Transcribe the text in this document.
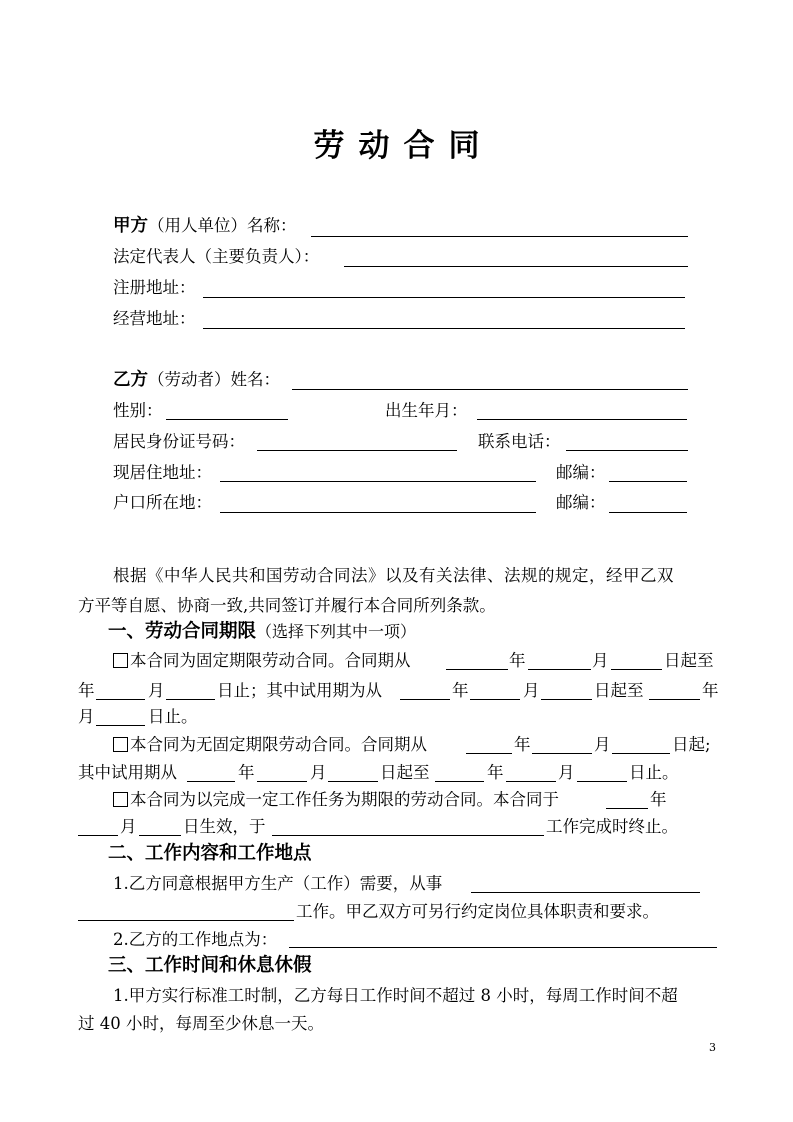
劳动合同
甲方（用人单位）名称：
法定代表人（主要负责人）：
注册地址：
经营地址：
乙方（劳动者）姓名：
性别：	出生年月：
居民身份证号码：	联系电话：
现居住地址：	邮编：
户口所在地：	邮编：
根据《中华人民共和国劳动合同法》以及有关法律、法规的规定，经甲乙双
方平等自愿、协商一致,共同签订并履行本合同所列条款。
一、劳动合同期限（选择下列其中一项）
本合同为固定期限劳动合同。合同期从	年	月	日起至
年	月	日止；其中试用期为从	年	月	日起至	年
月	日止。
本合同为无固定期限劳动合同。合同期从	年	月	日起;
其中试用期从	年	月	日起至	年	月	日止。
本合同为以完成一定工作任务为期限的劳动合同。本合同于	年
月	日生效，于	工作完成时终止。
二、工作内容和工作地点
1.乙方同意根据甲方生产（工作）需要，从事
工作。甲乙双方可另行约定岗位具体职责和要求。
2.乙方的工作地点为：
三、工作时间和休息休假
1.甲方实行标准工时制，乙方每日工作时间不超过 8 小时，每周工作时间不超
过 40 小时，每周至少休息一天。
3
